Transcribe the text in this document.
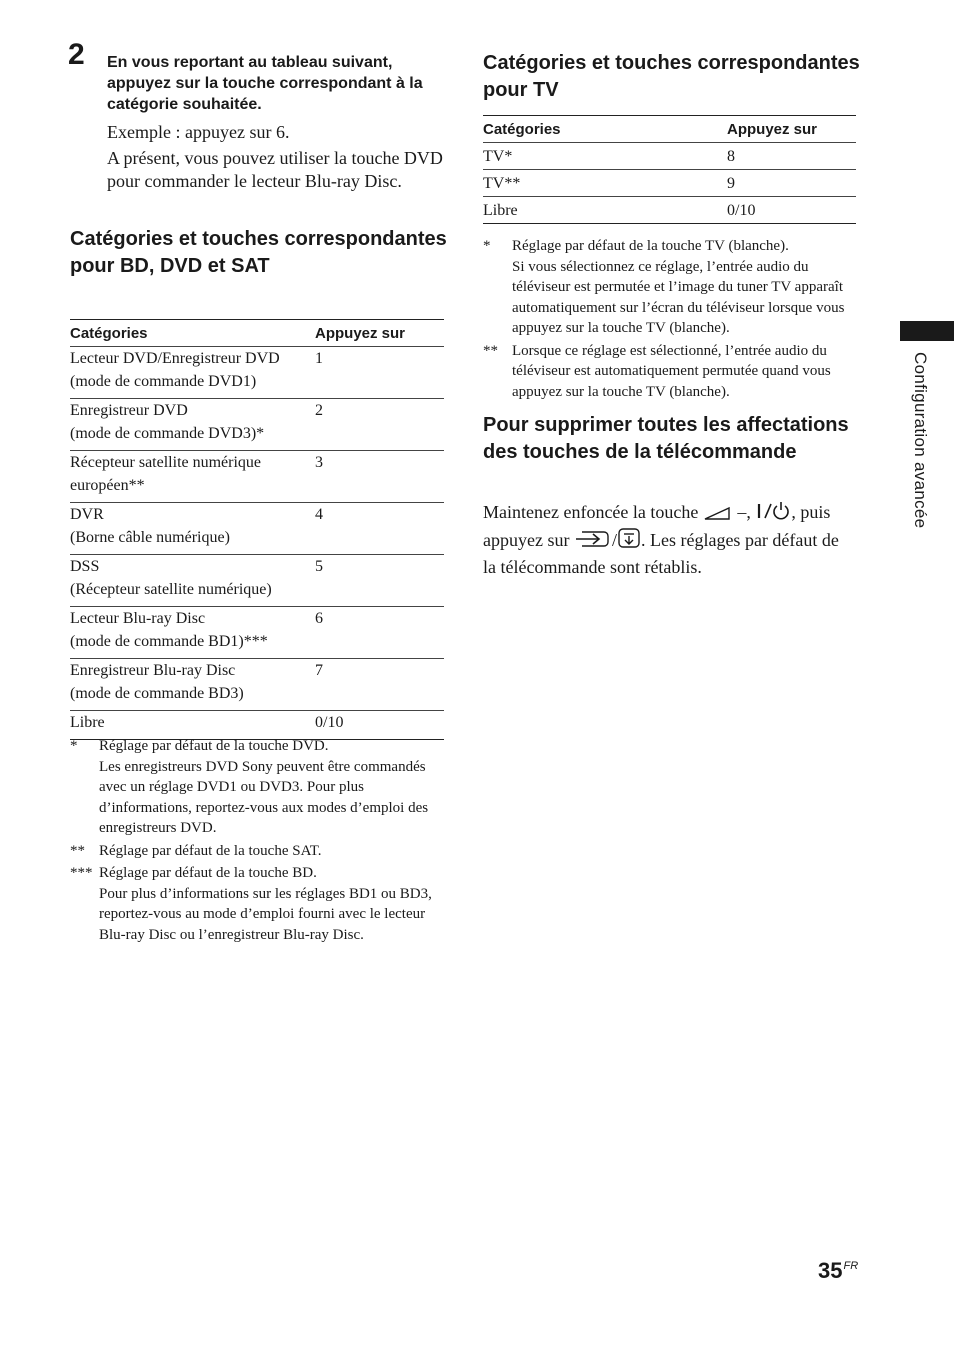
2 En vous reportant au tableau suivant, appuyez sur la touche correspondant à la catégorie souhaitée.

Exemple : appuyez sur 6.

A présent, vous pouvez utiliser la touche DVD pour commander le lecteur Blu-ray Disc.

Catégories et touches correspondantes pour BD, DVD et SAT
Catégories	Appuyez sur

Lecteur DVD/Enregistreur DVD
(mode de commande DVD1)	1

Enregistreur DVD
(mode de commande DVD3)*	2

Récepteur satellite numérique
européen**	3

DVR
(Borne câble numérique)	4

DSS
(Récepteur satellite numérique)	5

Lecteur Blu-ray Disc
(mode de commande BD1)***	6

Enregistreur Blu-ray Disc
(mode de commande BD3)	7

Libre	0/10
* Réglage par défaut de la touche DVD.
Les enregistreurs DVD Sony peuvent être commandés avec un réglage DVD1 ou DVD3. Pour plus d’informations, reportez-vous aux modes d’emploi des enregistreurs DVD.
** Réglage par défaut de la touche SAT.
*** Réglage par défaut de la touche BD.
Pour plus d’informations sur les réglages BD1 ou BD3, reportez-vous au mode d’emploi fourni avec le lecteur Blu-ray Disc ou l’enregistreur Blu-ray Disc.
Catégories et touches correspondantes pour TV
Catégories	Appuyez sur
TV*	8
TV**	9
Libre	0/10
* Réglage par défaut de la touche TV (blanche).
Si vous sélectionnez ce réglage, l’entrée audio du téléviseur est permutée et l’image du tuner TV apparaît automatiquement sur l’écran du téléviseur lorsque vous appuyez sur la touche TV (blanche).
** Lorsque ce réglage est sélectionné, l’entrée audio du téléviseur est automatiquement permutée quand vous appuyez sur la touche TV (blanche).
Pour supprimer toutes les affectations des touches de la télécommande
Maintenez enfoncée la touche –, , puis appuyez sur / . Les réglages par défaut de la télécommande sont rétablis.
Configuration avancée
$35^{FR}$
